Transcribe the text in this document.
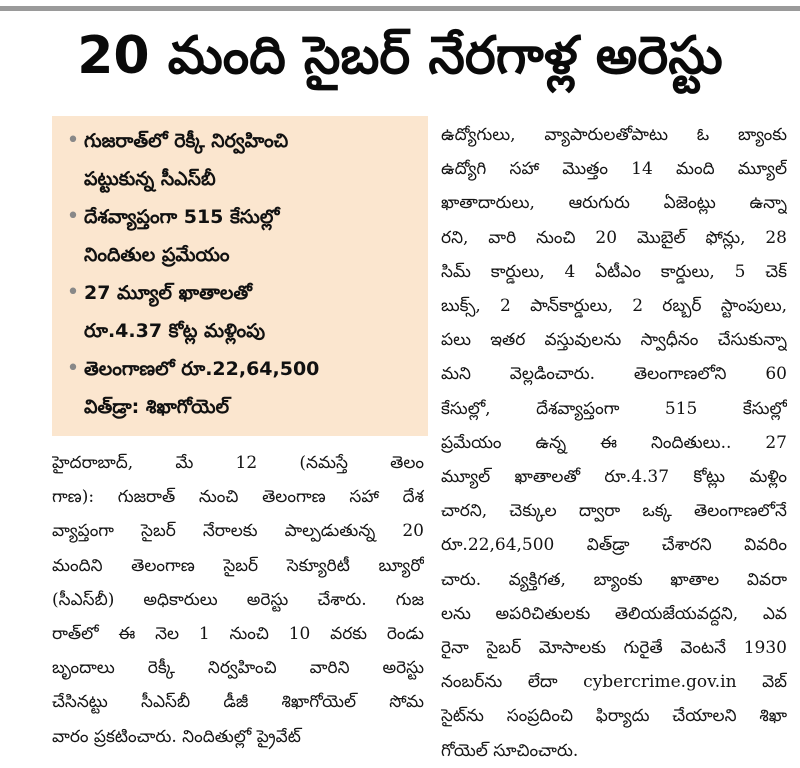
20 మంది సైబర్ నేరగాళ్ల అరెస్టు
• గుజరాత్‌లో రెక్కీ నిర్వహించి
పట్టుకున్న సీఎస్‌బీ
• దేశవ్యాప్తంగా 515 కేసుల్లో
నిందితుల ప్రమేయం
• 27 మ్యూల్ ఖాతాలతో
రూ.4.37 కోట్ల మళ్లింపు
• తెలంగాణలో రూ.22,64,500
విత్‌డ్రా: శిఖాగోయెల్
హైదరాబాద్, మే 12 (నమస్తే తెలం
గాణ): గుజరాత్ నుంచి తెలంగాణ సహా దేశ
వ్యాప్తంగా సైబర్ నేరాలకు పాల్పడుతున్న 20
మందిని తెలంగాణ సైబర్ సెక్యూరిటీ బ్యూరో
(సీఎస్‌బీ) అధికారులు అరెస్టు చేశారు. గుజ
రాత్‌లో ఈ నెల 1 నుంచి 10 వరకు రెండు
బృందాలు రెక్కీ నిర్వహించి వారిని అరెస్టు
చేసినట్టు సీఎస్‌బీ డీజీ శిఖాగోయెల్ సోమ
వారం ప్రకటించారు. నిందితుల్లో ప్రైవేట్
ఉద్యోగులు, వ్యాపారులతోపాటు ఓ బ్యాంకు
ఉద్యోగి సహా మొత్తం 14 మంది మ్యూల్
ఖాతాదారులు, ఆరుగురు ఏజెంట్లు ఉన్నా
రని, వారి నుంచి 20 మొబైల్ ఫోన్లు, 28
సిమ్ కార్డులు, 4 ఏటీఎం కార్డులు, 5 చెక్
బుక్స్, 2 పాన్‌కార్డులు, 2 రబ్బర్ స్టాంపులు,
పలు ఇతర వస్తువులను స్వాధీనం చేసుకున్నా
మని వెల్లడించారు. తెలంగాణలోని 60
కేసుల్లో, దేశవ్యాప్తంగా 515 కేసుల్లో
ప్రమేయం ఉన్న ఈ నిందితులు.. 27
మ్యూల్ ఖాతాలతో రూ.4.37 కోట్లు మళ్లిం
చారని, చెక్కుల ద్వారా ఒక్క తెలంగాణలోనే
రూ.22,64,500 విత్‌డ్రా చేశారని వివరిం
చారు. వ్యక్తిగత, బ్యాంకు ఖాతాల వివరా
లను అపరిచితులకు తెలియజేయవద్దని, ఎవ
రైనా సైబర్ మోసాలకు గురైతే వెంటనే 1930
నంబర్‌ను లేదా cybercrime.gov.in వెబ్
సైట్‌ను సంప్రదించి ఫిర్యాదు చేయాలని శిఖా
గోయెల్ సూచించారు.
